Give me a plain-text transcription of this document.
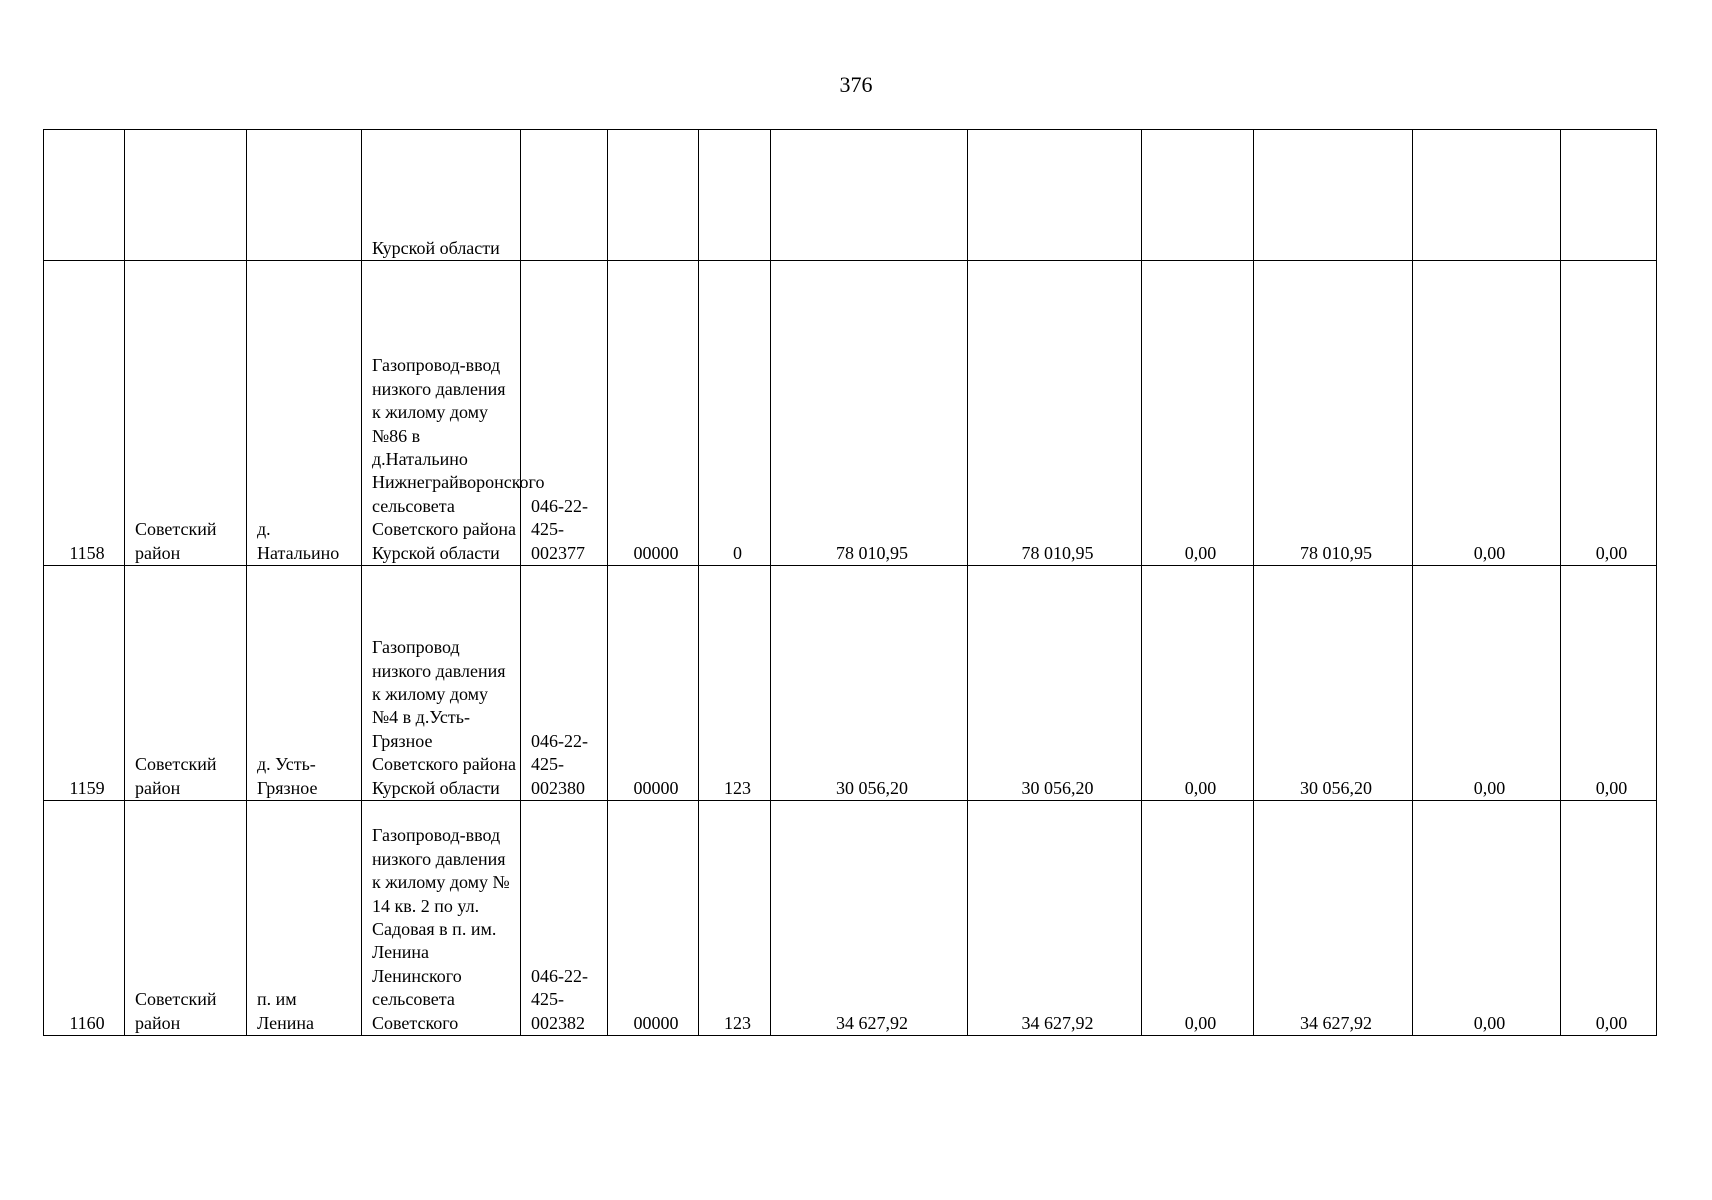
376

			Курской области									

1158	Советский район	д. Натальино	Газопровод-ввод низкого давления к жилому дому №86 в д.Натальино Нижнеграйворонского сельсовета Советского района Курской области	046-22-425-002377	00000	0	78 010,95	78 010,95	0,00	78 010,95	0,00	0,00
1159	Советский район	д. Усть-Грязное	Газопровод низкого давления к жилому дому №4 в д.Усть-Грязное Советского района Курской области	046-22-425-002380	00000	123	30 056,20	30 056,20	0,00	30 056,20	0,00	0,00
1160	Советский район	п. им Ленина	Газопровод-ввод низкого давления к жилому дому № 14 кв. 2 по ул. Садовая в п. им. Ленина Ленинского сельсовета Советского	046-22-425-002382	00000	123	34 627,92	34 627,92	0,00	34 627,92	0,00	0,00
